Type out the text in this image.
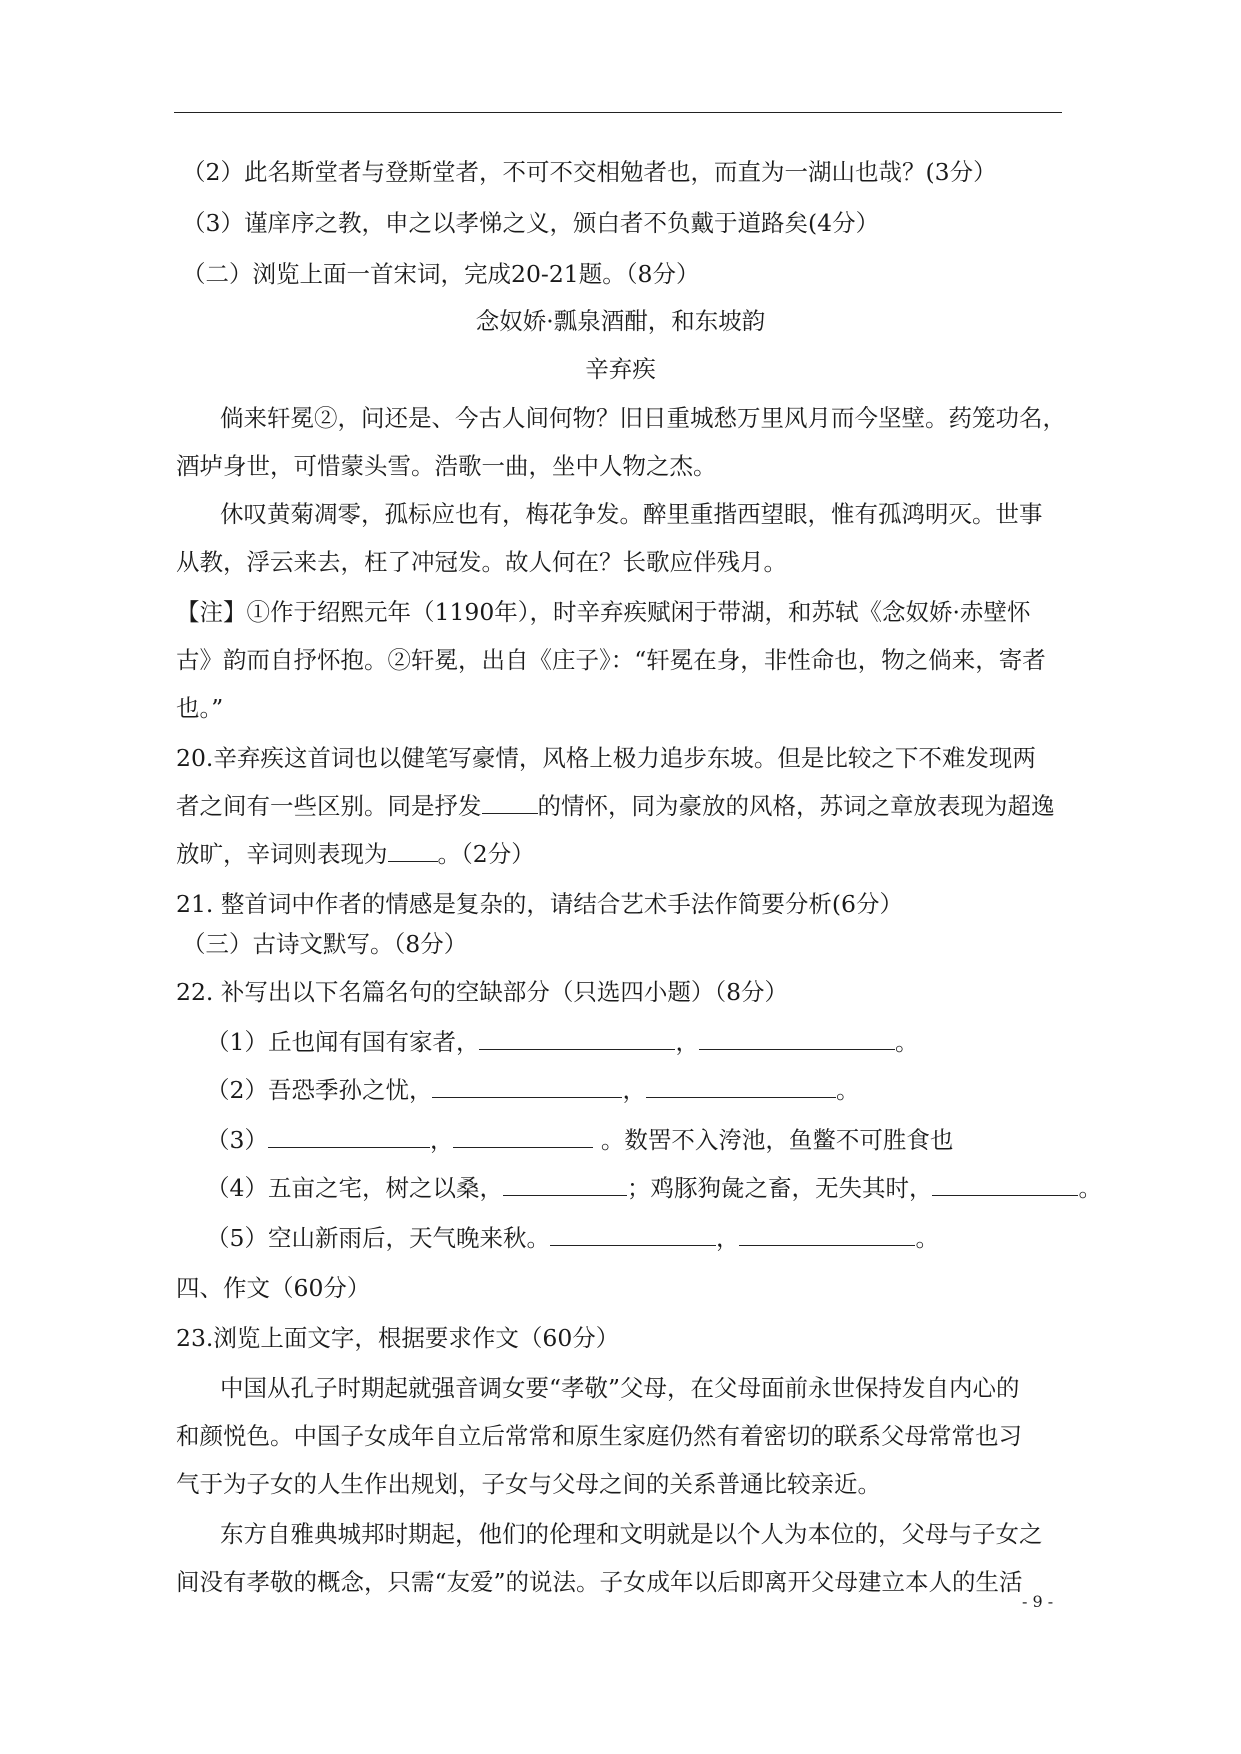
（2）此名斯堂者与登斯堂者，不可不交相勉者也，而直为一湖山也哉？(3分）
（3）谨庠序之教，申之以孝悌之义，颁白者不负戴于道路矣(4分）
（二）浏览上面一首宋词，完成20-21题。（8分）
念奴娇·瓢泉酒酣，和东坡韵
辛弃疾
倘来轩冕②，问还是、今古人间何物？旧日重城愁万里风月而今坚壁。药笼功名，
酒垆身世，可惜蒙头雪。浩歌一曲，坐中人物之杰。
休叹黄菊凋零，孤标应也有，梅花争发。醉里重揩西望眼，惟有孤鸿明灭。世事
从教，浮云来去，枉了冲冠发。故人何在？长歌应伴残月。
【注】①作于绍熙元年（1190年），时辛弃疾赋闲于带湖，和苏轼《念奴娇·赤壁怀
古》韵而自抒怀抱。②轩冕，出自《庄子》：“轩冕在身，非性命也，物之倘来，寄者
也。”
20.辛弃疾这首词也以健笔写豪情，风格上极力追步东坡。但是比较之下不难发现两
者之间有一些区别。同是抒发 的情怀，同为豪放的风格，苏词之章放表现为超逸
放旷，辛词则表现为 。（2分）
21. 整首词中作者的情感是复杂的，请结合艺术手法作简要分析(6分）
（三）古诗文默写。（8分）
22. 补写出以下名篇名句的空缺部分（只选四小题）（8分）
（1）丘也闻有国有家者，	，	。
（2）吾恐季孙之忧，	，	。
（3）	，	。数罟不入洿池，鱼鳖不可胜食也
（4）五亩之宅，树之以桑，	；鸡豚狗彘之畜，无失其时，	。
（5）空山新雨后，天气晚来秋。	，	。
四、作文（60分）
23.浏览上面文字，根据要求作文（60分）
中国从孔子时期起就强音调女要“孝敬”父母，在父母面前永世保持发自内心的
和颜悦色。中国子女成年自立后常常和原生家庭仍然有着密切的联系父母常常也习
气于为子女的人生作出规划，子女与父母之间的关系普通比较亲近。
东方自雅典城邦时期起，他们的伦理和文明就是以个人为本位的，父母与子女之
间没有孝敬的概念，只需“友爱”的说法。子女成年以后即离开父母建立本人的生活
- 9 -
